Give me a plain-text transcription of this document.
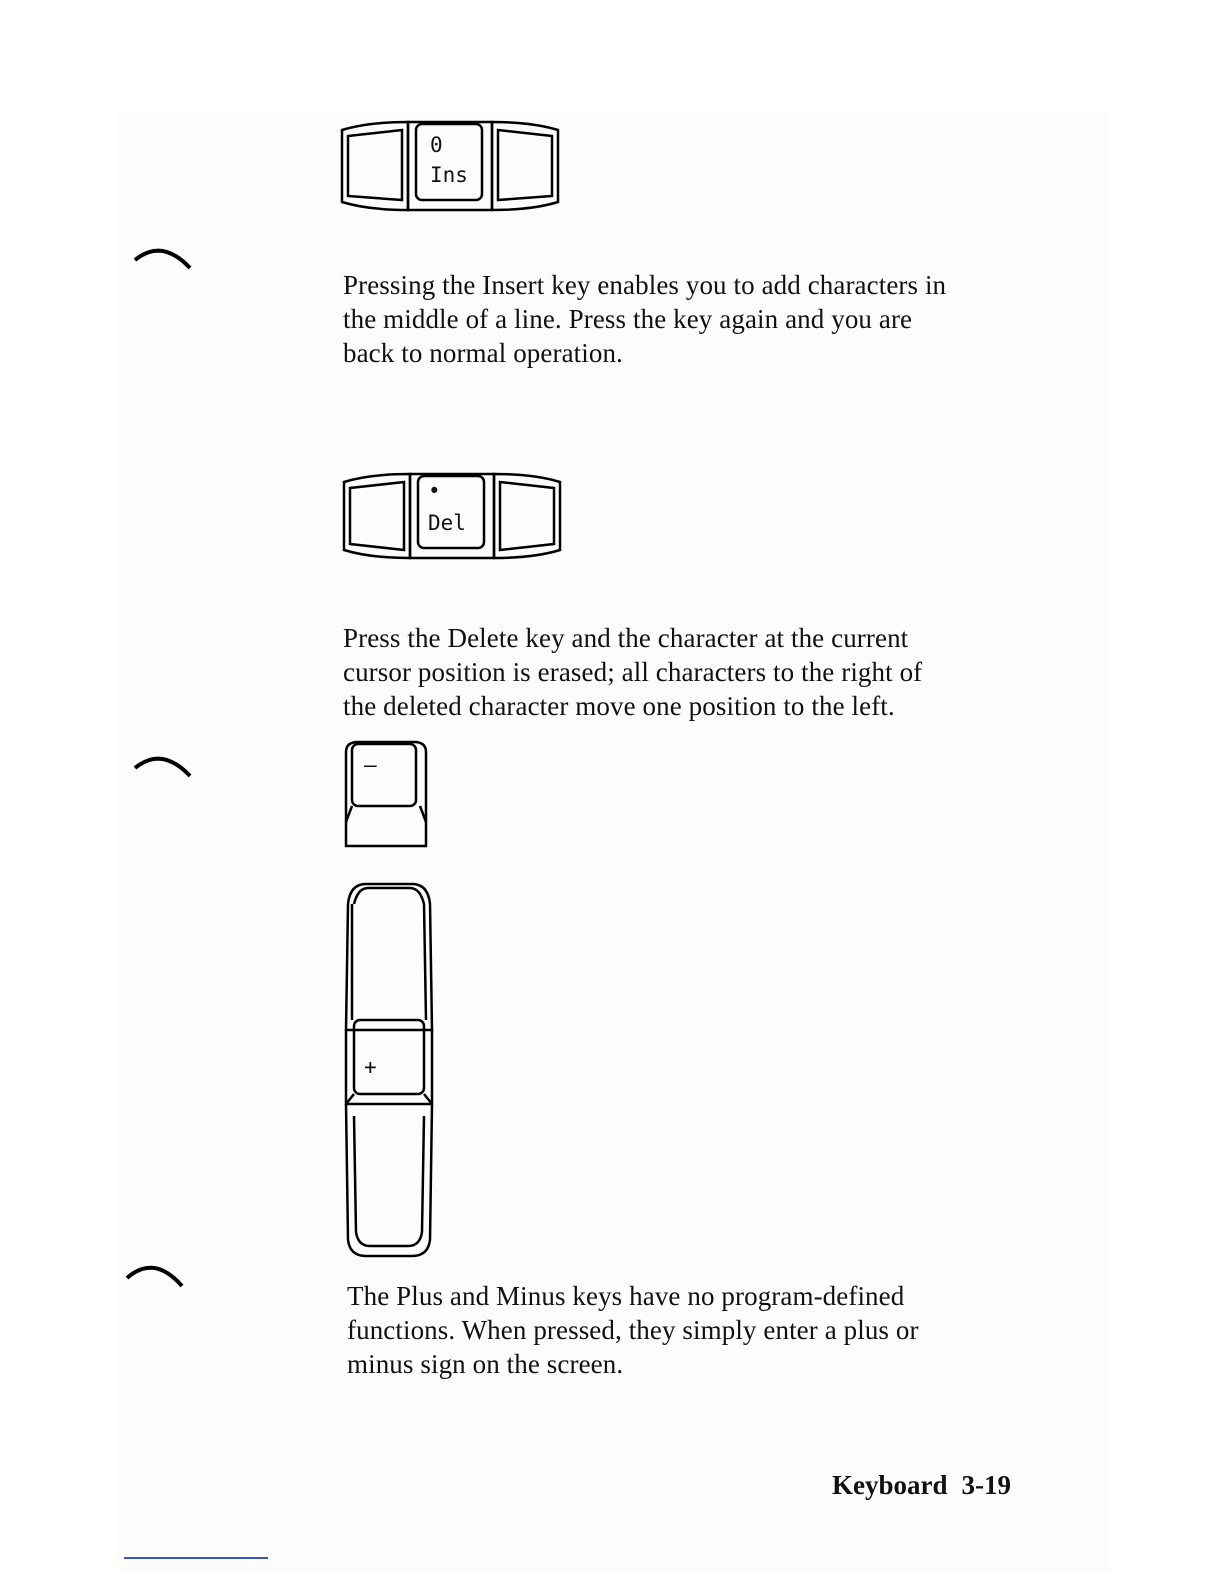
0
Ins

Pressing the Insert key enables you to add characters in
the middle of a line. Press the key again and you are
back to normal operation.

•
Del

Press the Delete key and the character at the current
cursor position is erased; all characters to the right of
the deleted character move one position to the left.

—
+

The Plus and Minus keys have no program-defined
functions. When pressed, they simply enter a plus or
minus sign on the screen.

Keyboard 3-19
